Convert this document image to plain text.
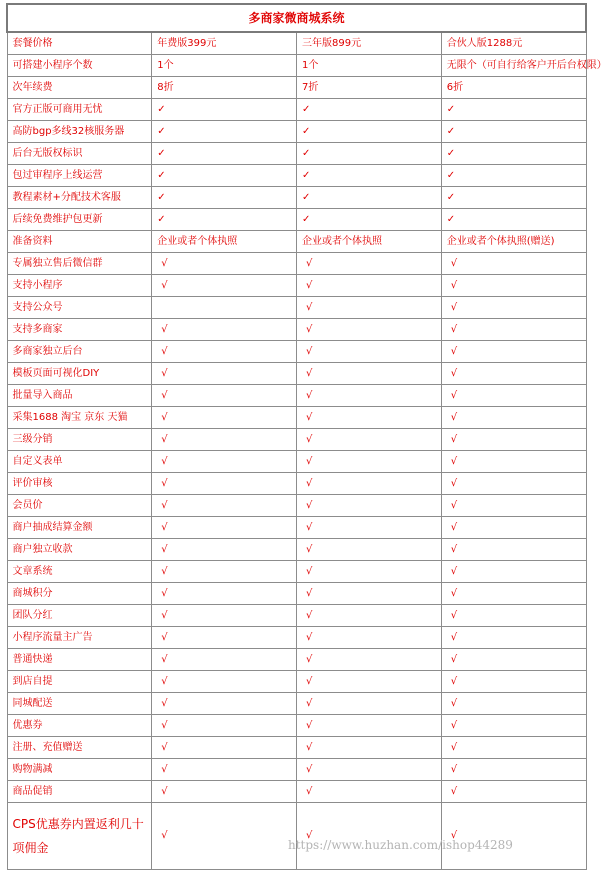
多商家微商城系统			
套餐价格	年费版399元	三年版899元	合伙人版1288元
可搭建小程序个数	1个	1个	无限个（可自行给客户开后台权限）
次年续费	8折	7折	6折
官方正版可商用无忧	✓	✓	✓
高防bgp多线32核服务器	✓	✓	✓
后台无版权标识	✓	✓	✓
包过审程序上线运营	✓	✓	✓
教程素材+分配技术客服	✓	✓	✓
后续免费维护包更新	✓	✓	✓
准备资料	企业或者个体执照	企业或者个体执照	企业或者个体执照(赠送)
专属独立售后微信群	√	√	√
支持小程序	√	√	√
支持公众号		√	√
支持多商家	√	√	√
多商家独立后台	√	√	√
模板页面可视化DIY	√	√	√
批量导入商品	√	√	√
采集1688 淘宝 京东 天猫	√	√	√
三级分销	√	√	√
自定义表单	√	√	√
评价审核	√	√	√
会员价	√	√	√
商户抽成结算金额	√	√	√
商户独立收款	√	√	√
文章系统	√	√	√
商城积分	√	√	√
团队分红	√	√	√
小程序流量主广告	√	√	√
普通快递	√	√	√
到店自提	√	√	√
同城配送	√	√	√
优惠券	√	√	√
注册、充值赠送	√	√	√
购物满减	√	√	√
商品促销	√	√	√
CPS优惠券内置返利几十项佣金	√	√	√
https://www.huzhan.com/ishop44289
